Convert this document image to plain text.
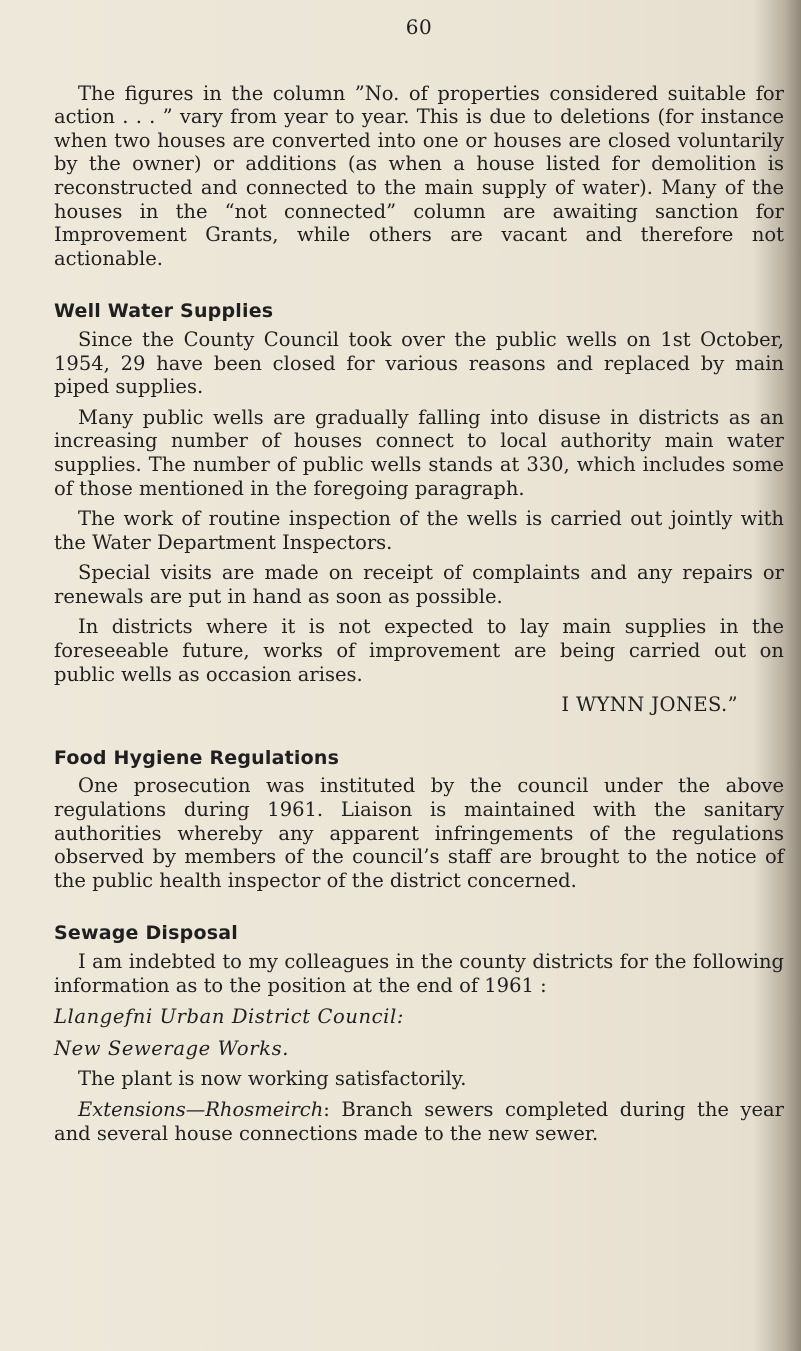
60

The figures in the column ”No. of properties considered suitable for action . . . ” vary from year to year. This is due to deletions (for instance when two houses are converted into one or houses are closed voluntarily by the owner) or additions (as when a house listed for demolition is reconstructed and connected to the main supply of water). Many of the houses in the “not connected” column are awaiting sanction for Improvement Grants, while others are vacant and therefore not actionable.

Well Water Supplies

Since the County Council took over the public wells on 1st October, 1954, 29 have been closed for various reasons and replaced by main piped supplies.

Many public wells are gradually falling into disuse in districts as an increasing number of houses connect to local authority main water supplies. The number of public wells stands at 330, which includes some of those mentioned in the foregoing paragraph.

The work of routine inspection of the wells is carried out jointly with the Water Department Inspectors.

Special visits are made on receipt of complaints and any repairs or renewals are put in hand as soon as possible.

In districts where it is not expected to lay main supplies in the foreseeable future, works of improvement are being carried out on public wells as occasion arises.

I WYNN JONES.”

Food Hygiene Regulations

One prosecution was instituted by the council under the above regulations during 1961. Liaison is maintained with the sanitary authorities whereby any apparent infringements of the regulations observed by members of the council’s staff are brought to the notice of the public health inspector of the district concerned.

Sewage Disposal

I am indebted to my colleagues in the county districts for the following information as to the position at the end of 1961 :

Llangefni Urban District Council:

New Sewerage Works.

The plant is now working satisfactorily.

Extensions—Rhosmeirch: Branch sewers completed during the year and several house connections made to the new sewer.
